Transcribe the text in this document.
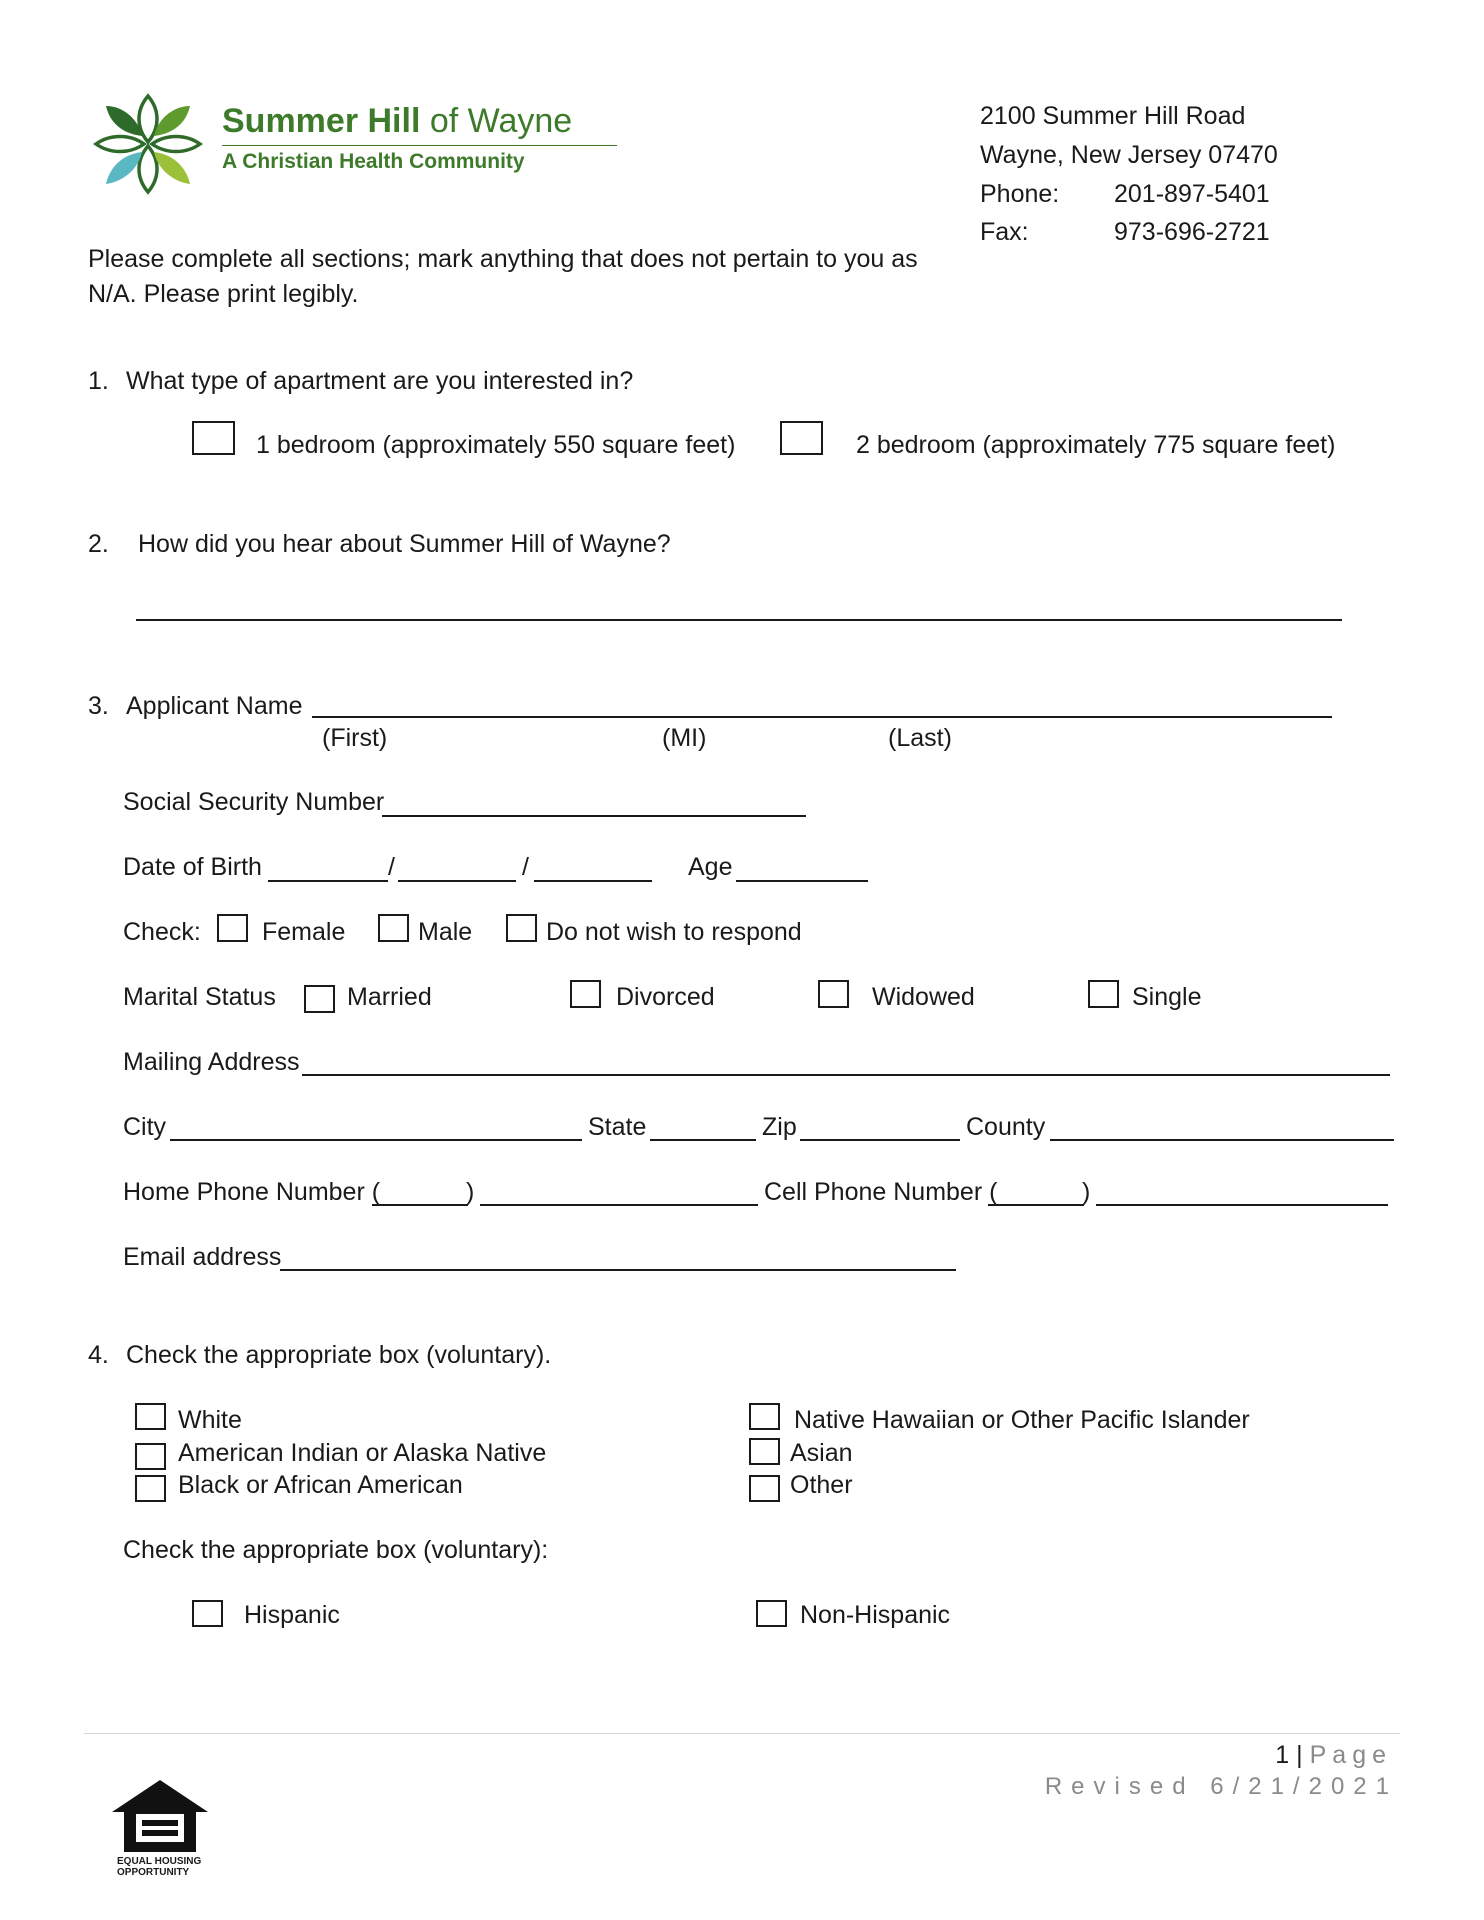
Summer Hill of Wayne
A Christian Health Community
2100 Summer Hill Road
Wayne, New Jersey 07470
Phone: 201-897-5401
Fax:	973-696-2721
Please complete all sections; mark anything that does not pertain to you as
N/A. Please print legibly.
1. What type of apartment are you interested in?
1 bedroom (approximately 550 square feet)	2 bedroom (approximately 775 square feet)
2. How did you hear about Summer Hill of Wayne?
3. Applicant Name
(First)	(MI)	(Last)
Social Security Number
Date of Birth	/	/	Age
Check: Female	Male	Do not wish to respond
Marital Status	Married	Divorced	Widowed	Single
Mailing Address
City	State	Zip	County
Home Phone Number (	)	Cell Phone Number (	)
Email address
4. Check the appropriate box (voluntary).
White
American Indian or Alaska Native
Black or African American
Native Hawaiian or Other Pacific Islander
Asian
Other
Check the appropriate box (voluntary):
Hispanic	Non-Hispanic
1 | Page
Revised 6/21/2021
EQUAL HOUSING
OPPORTUNITY
